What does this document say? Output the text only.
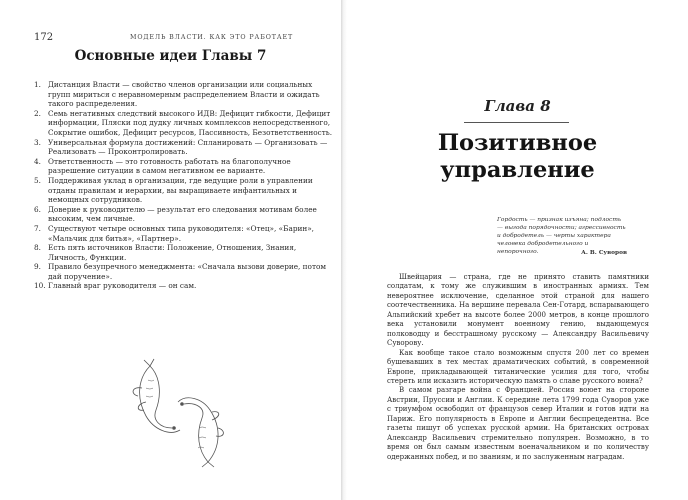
172	МОДЕЛЬ ВЛАСТИ. КАК ЭТО РАБОТАЕТ
Основные идеи Главы 7
1. Дистанция Власти — свойство членов организации или социальных групп мириться с неравномерным распределением Власти и ожидать такого распределения.
2. Семь негативных следствий высокого ИДВ: Дефицит гибкости, Дефицит информации, Пляски под дудку личных комплексов непосредственного, Сокрытие ошибок, Дефицит ресурсов, Пассивность, Безответственность.
3. Универсальная формула достижений: Спланировать — Организовать — Реализовать — Проконтролировать.
4. Ответственность — это готовность работать на благополучное разрешение ситуации в самом негативном ее варианте.
5. Поддерживая уклад в организации, где ведущие роли в управлении отданы правилам и иерархии, вы выращиваете инфантильных и немощных сотрудников.
6. Доверие к руководителю — результат его следования мотивам более высоким, чем личные.
7. Существуют четыре основных типа руководителя: «Отец», «Барин», «Мальчик для битья», «Партнер».
8. Есть пять источников Власти: Положение, Отношения, Знания, Личность, Функции.
9. Правило безупречного менеджмента: «Сначала вызови доверие, потом дай поручение».
10. Главный враг руководителя — он сам.
Глава 8
Позитивное
управление
Гордость — признак изъяна; подлость — выгода порядочности; агрессивность и добродетель — черты характера человека добродетельного и непорочного.	А. В. Суворов

Швейцария — страна, где не принято ставить памятники солдатам, к тому же служившим в иностранных армиях. Тем невероятнее исключение, сделанное этой страной для нашего соотечественника. На вершине перевала Сен-Готард, вспарывающего Альпийский хребет на высоте более 2000 метров, в конце прошлого века установили монумент военному гению, выдающемуся полководцу и бесстрашному русскому — Александру Васильевичу Суворову.

Как вообще такое стало возможным спустя 200 лет со времен бушевавших в тех местах драматических событий, в современной Европе, прикладывающей титанические усилия для того, чтобы стереть или исказить историческую память о славе русского воина?

В самом разгаре война с Францией. Россия воюет на стороне Австрии, Пруссии и Англии. К середине лета 1799 года Суворов уже с триумфом освободил от французов север Италии и готов идти на Париж. Его популярность в Европе и Англии беспрецедентна. Все газеты пишут об успехах русской армии. На британских островах Александр Васильевич стремительно популярен. Возможно, в то время он был самым известным военачальником и по количеству одержанных побед, и по званиям, и по заслуженным наградам.
